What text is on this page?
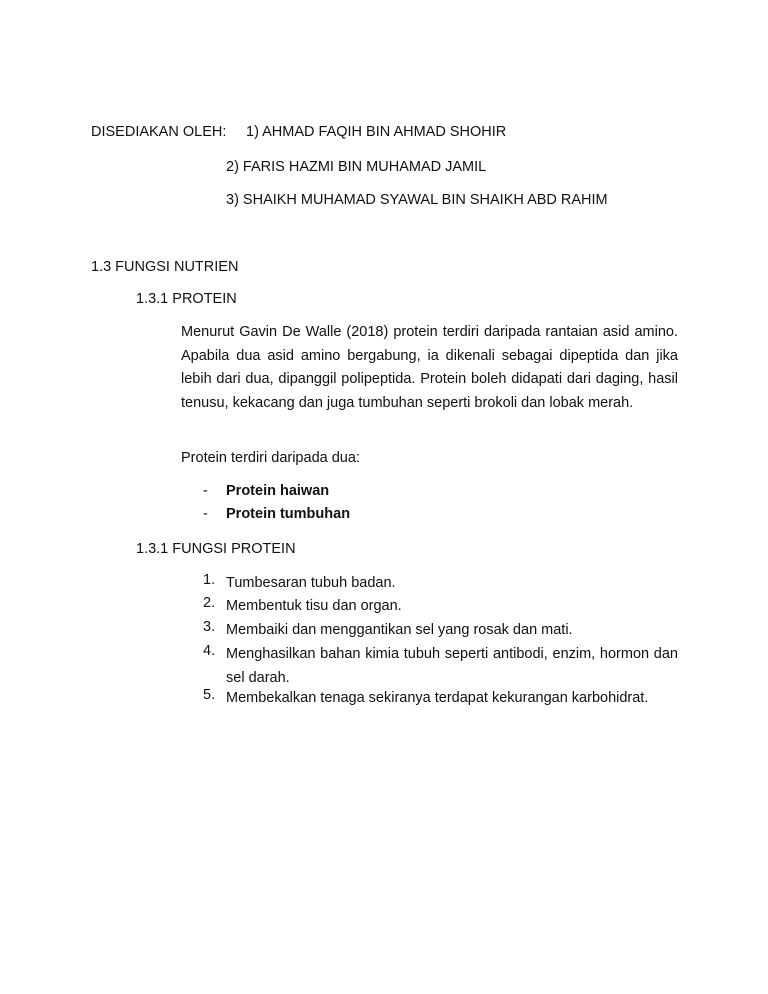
DISEDIAKAN OLEH: 1) AHMAD FAQIH BIN AHMAD SHOHIR
2) FARIS HAZMI BIN MUHAMAD JAMIL
3) SHAIKH MUHAMAD SYAWAL BIN SHAIKH ABD RAHIM
1.3 FUNGSI NUTRIEN
1.3.1 PROTEIN
Menurut Gavin De Walle (2018) protein terdiri daripada rantaian asid amino. Apabila dua asid amino bergabung, ia dikenali sebagai dipeptida dan jika lebih dari dua, dipanggil polipeptida. Protein boleh didapati dari daging, hasil tenusu, kekacang dan juga tumbuhan seperti brokoli dan lobak merah.
Protein terdiri daripada dua:
- Protein haiwan
- Protein tumbuhan
1.3.1 FUNGSI PROTEIN
1. Tumbesaran tubuh badan.
2. Membentuk tisu dan organ.
3. Membaiki dan menggantikan sel yang rosak dan mati.
4. Menghasilkan bahan kimia tubuh seperti antibodi, enzim, hormon dan sel darah.
5. Membekalkan tenaga sekiranya terdapat kekurangan karbohidrat.
